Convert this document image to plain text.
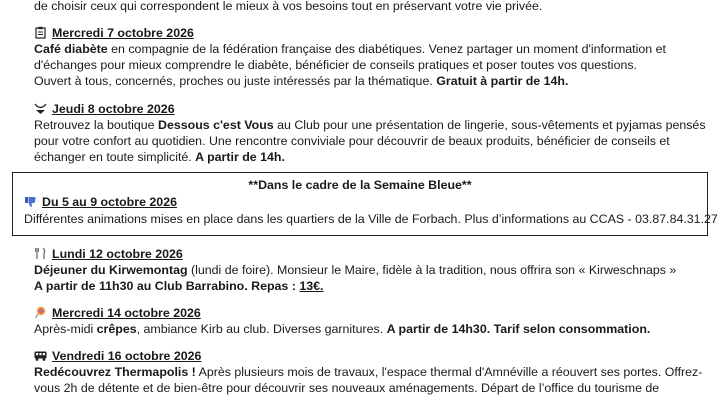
de choisir ceux qui correspondent le mieux à vos besoins tout en préservant votre vie privée.
Mercredi 7 octobre 2026
Café diabète en compagnie de la fédération française des diabétiques. Venez partager un moment d'information et
d'échanges pour mieux comprendre le diabète, bénéficier de conseils pratiques et poser toutes vos questions.
Ouvert à tous, concernés, proches ou juste intéressés par la thématique. Gratuit à partir de 14h.
Jeudi 8 octobre 2026
Retrouvez la boutique Dessous c'est Vous au Club pour une présentation de lingerie, sous-vêtements et pyjamas pensés
pour votre confort au quotidien. Une rencontre conviviale pour découvrir de beaux produits, bénéficier de conseils et
échanger en toute simplicité. A partir de 14h.
**Dans le cadre de la Semaine Bleue**
Du 5 au 9 octobre 2026
Différentes animations mises en place dans les quartiers de la Ville de Forbach. Plus d’informations au CCAS - 03.87.84.31.27
Lundi 12 octobre 2026
Déjeuner du Kirwemontag (lundi de foire). Monsieur le Maire, fidèle à la tradition, nous offrira son « Kirweschnaps »
A partir de 11h30 au Club Barrabino. Repas : 13€.
Mercredi 14 octobre 2026
Après-midi crêpes, ambiance Kirb au club. Diverses garnitures. A partir de 14h30. Tarif selon consommation.
Vendredi 16 octobre 2026
Redécouvrez Thermapolis ! Après plusieurs mois de travaux, l'espace thermal d'Amnéville a réouvert ses portes. Offrez-
vous 2h de détente et de bien-être pour découvrir ses nouveaux aménagements. Départ de l’office du tourisme de
